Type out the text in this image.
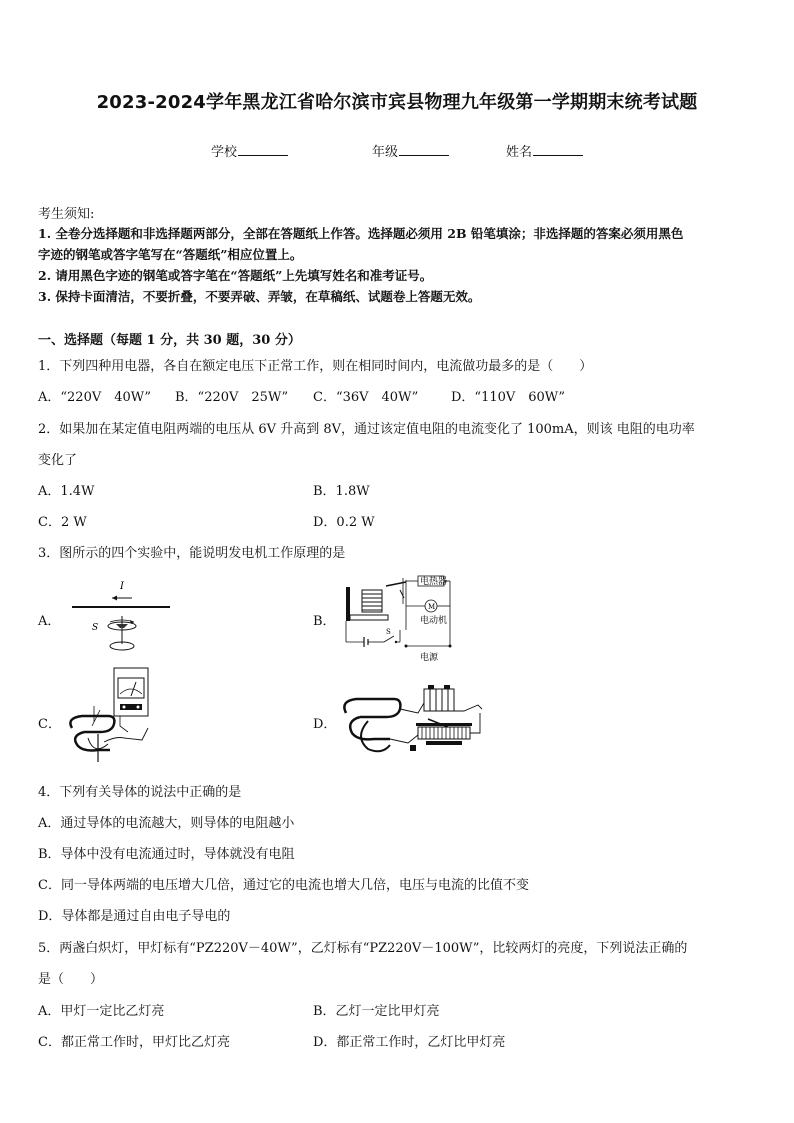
2023-2024学年黑龙江省哈尔滨市宾县物理九年级第一学期期末统考试题
学校	年级	姓名
考生须知:
1. 全卷分选择题和非选择题两部分，全部在答题纸上作答。选择题必须用 2B 铅笔填涂；非选择题的答案必须用黑色
字迹的钢笔或答字笔写在“答题纸”相应位置上。
2. 请用黑色字迹的钢笔或答字笔在“答题纸”上先填写姓名和准考证号。
3. 保持卡面清洁，不要折叠，不要弄破、弄皱，在草稿纸、试题卷上答题无效。
一、选择题（每题 1 分，共 30 题，30 分）
1．下列四种用电器，各自在额定电压下正常工作，则在相同时间内，电流做功最多的是（　　）
A．“220V　40W” B．“220V　25W” C．“36V　40W”	D．“110V　60W”
2．如果加在某定值电阻两端的电压从 6V 升高到 8V，通过该定值电阻的电流变化了 100mA，则该 电阻的电功率
变化了
A．1.4W	B．1.8W
C．2 W	D．0.2 W
3．图所示的四个实验中，能说明发电机工作原理的是
A．
I
S	B．
电热器
M
电动机
电源
S
C．	D．
4．下列有关导体的说法中正确的是
A．通过导体的电流越大，则导体的电阻越小
B．导体中没有电流通过时，导体就没有电阻
C．同一导体两端的电压增大几倍，通过它的电流也增大几倍，电压与电流的比值不变
D．导体都是通过自由电子导电的
5．两盏白炽灯，甲灯标有“PZ220V－40W”，乙灯标有“PZ220V－100W”，比较两灯的亮度，下列说法正确的
是（　　）
A．甲灯一定比乙灯亮	B．乙灯一定比甲灯亮
C．都正常工作时，甲灯比乙灯亮	D．都正常工作时，乙灯比甲灯亮
